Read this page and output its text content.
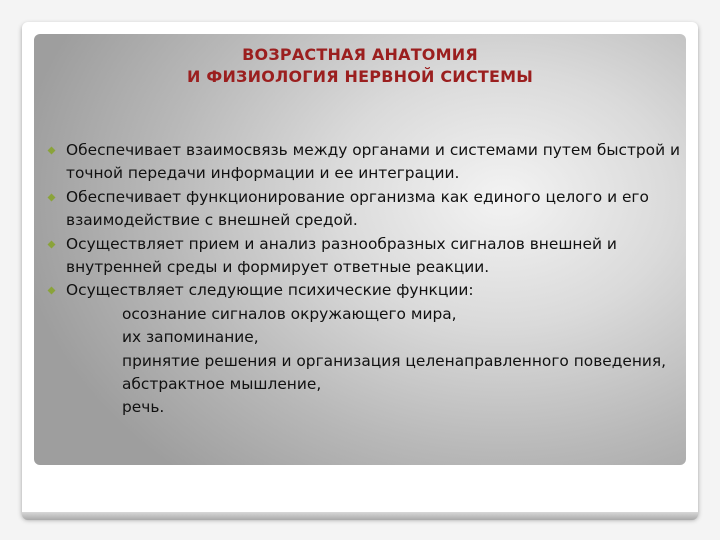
ВОЗРАСТНАЯ АНАТОМИЯ
И ФИЗИОЛОГИЯ НЕРВНОЙ СИСТЕМЫ
Обеспечивает взаимосвязь между органами и системами путем быстрой и точной передачи информации и ее интеграции.
Обеспечивает функционирование организма как единого целого и его взаимодействие с внешней средой.
Осуществляет прием и анализ разнообразных сигналов внешней и внутренней среды и формирует ответные реакции.
Осуществляет следующие психические функции:
осознание сигналов окружающего мира,
их запоминание,
принятие решения и организация целенаправленного поведения,
абстрактное мышление,
речь.
